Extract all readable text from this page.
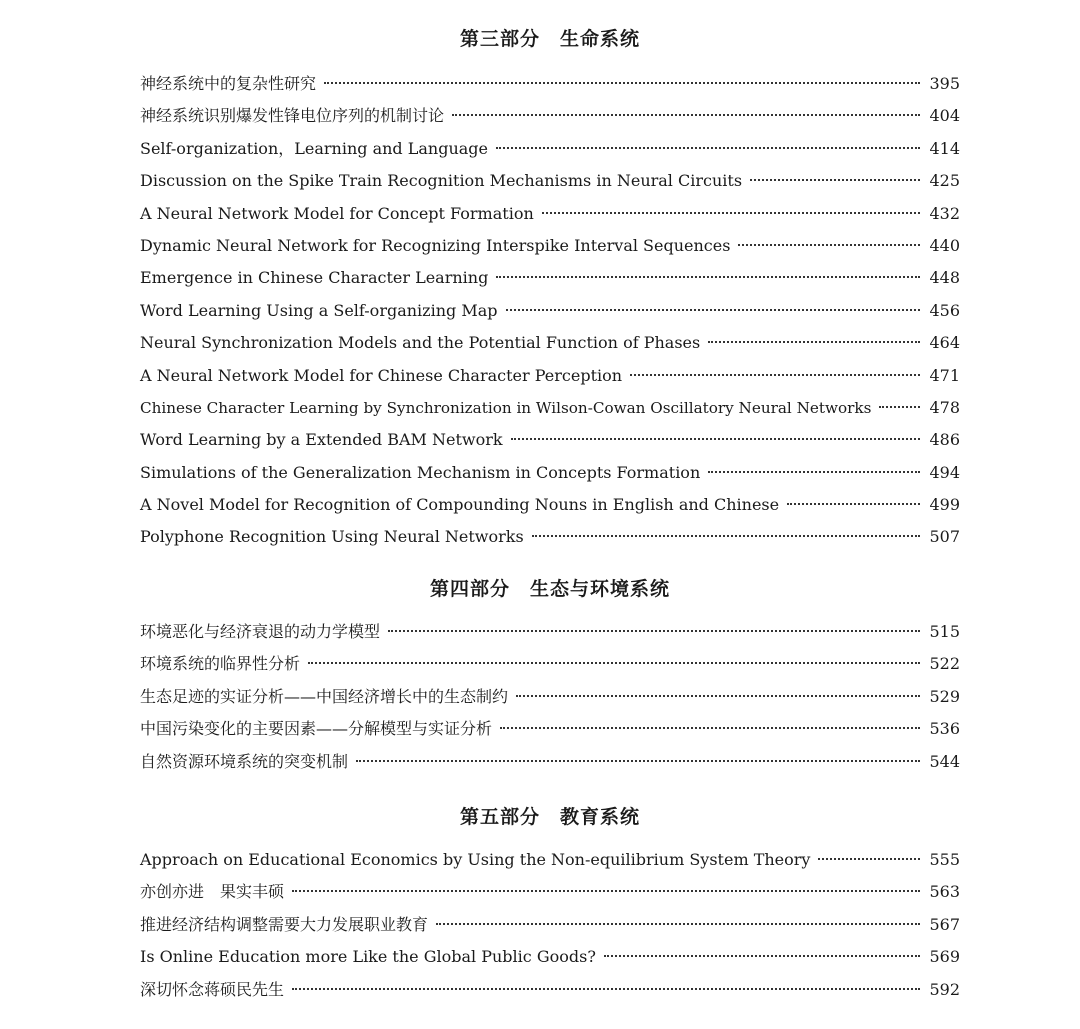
第三部分　生命系统
神经系统中的复杂性研究	395
神经系统识别爆发性锋电位序列的机制讨论	404
Self-organization，Learning and Language	414
Discussion on the Spike Train Recognition Mechanisms in Neural Circuits	425
A Neural Network Model for Concept Formation	432
Dynamic Neural Network for Recognizing Interspike Interval Sequences	440
Emergence in Chinese Character Learning	448
Word Learning Using a Self-organizing Map	456
Neural Synchronization Models and the Potential Function of Phases	464
A Neural Network Model for Chinese Character Perception	471
Chinese Character Learning by Synchronization in Wilson-Cowan Oscillatory Neural Networks	478
Word Learning by a Extended BAM Network	486
Simulations of the Generalization Mechanism in Concepts Formation	494
A Novel Model for Recognition of Compounding Nouns in English and Chinese	499
Polyphone Recognition Using Neural Networks	507
第四部分　生态与环境系统
环境恶化与经济衰退的动力学模型	515
环境系统的临界性分析	522
生态足迹的实证分析——中国经济增长中的生态制约	529
中国污染变化的主要因素——分解模型与实证分析	536
自然资源环境系统的突变机制	544
第五部分　教育系统
Approach on Educational Economics by Using the Non-equilibrium System Theory	555
亦创亦进　果实丰硕	563
推进经济结构调整需要大力发展职业教育	567
Is Online Education more Like the Global Public Goods?	569
深切怀念蒋硕民先生	592
